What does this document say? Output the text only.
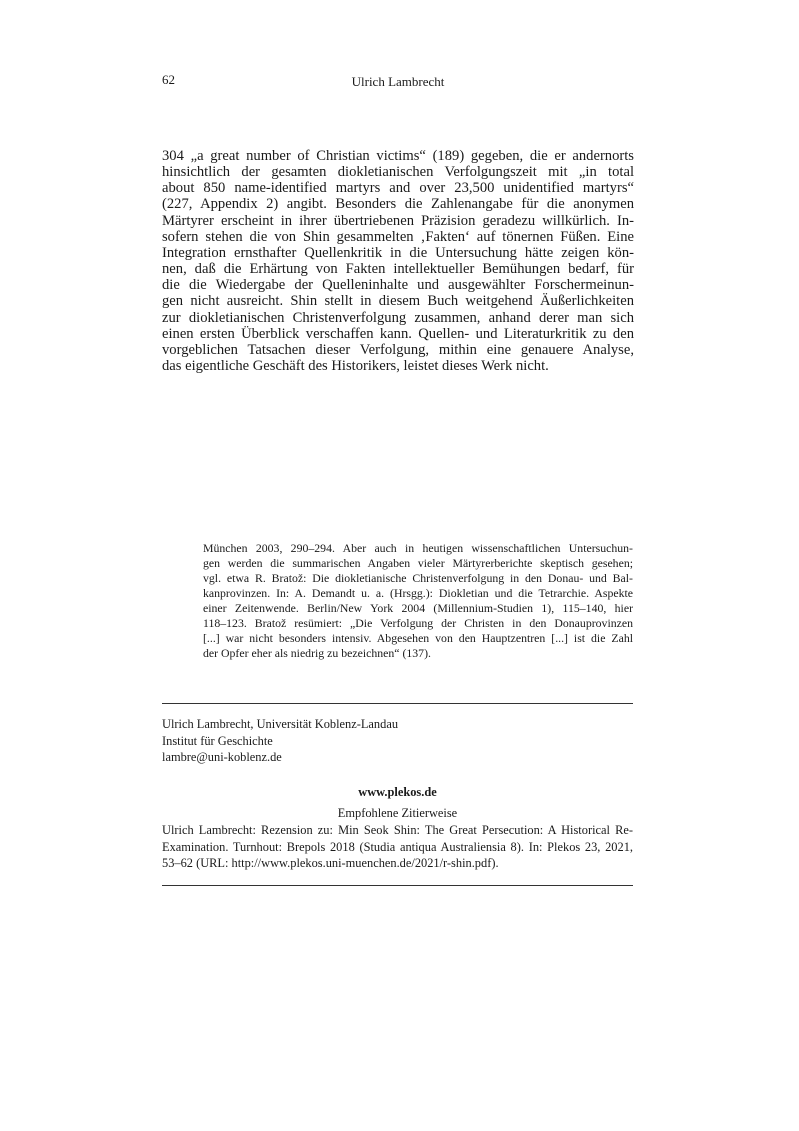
62	Ulrich Lambrecht
304 „a great number of Christian victims“ (189) gegeben, die er andernorts
hinsichtlich der gesamten diokletianischen Verfolgungszeit mit „in total
about 850 name-identified martyrs and over 23,500 unidentified martyrs“
(227, Appendix 2) angibt. Besonders die Zahlenangabe für die anonymen
Märtyrer erscheint in ihrer übertriebenen Präzision geradezu willkürlich. In-
sofern stehen die von Shin gesammelten ‚Fakten‘ auf tönernen Füßen. Eine
Integration ernsthafter Quellenkritik in die Untersuchung hätte zeigen kön-
nen, daß die Erhärtung von Fakten intellektueller Bemühungen bedarf, für
die die Wiedergabe der Quelleninhalte und ausgewählter Forschermeinun-
gen nicht ausreicht. Shin stellt in diesem Buch weitgehend Äußerlichkeiten
zur diokletianischen Christenverfolgung zusammen, anhand derer man sich
einen ersten Überblick verschaffen kann. Quellen- und Literaturkritik zu den
vorgeblichen Tatsachen dieser Verfolgung, mithin eine genauere Analyse,
das eigentliche Geschäft des Historikers, leistet dieses Werk nicht.
München 2003, 290–294. Aber auch in heutigen wissenschaftlichen Untersuchun-
gen werden die summarischen Angaben vieler Märtyrerberichte skeptisch gesehen;
vgl. etwa R. Bratož: Die diokletianische Christenverfolgung in den Donau- und Bal-
kanprovinzen. In: A. Demandt u. a. (Hrsgg.): Diokletian und die Tetrarchie. Aspekte
einer Zeitenwende. Berlin/New York 2004 (Millennium-Studien 1), 115–140, hier
118–123. Bratož resümiert: „Die Verfolgung der Christen in den Donauprovinzen
[...] war nicht besonders intensiv. Abgesehen von den Hauptzentren [...] ist die Zahl
der Opfer eher als niedrig zu bezeichnen“ (137).
Ulrich Lambrecht, Universität Koblenz-Landau
Institut für Geschichte
lambre@uni-koblenz.de
www.plekos.de
Empfohlene Zitierweise
Ulrich Lambrecht: Rezension zu: Min Seok Shin: The Great Persecution: A Historical Re-
Examination. Turnhout: Brepols 2018 (Studia antiqua Australiensia 8). In: Plekos 23, 2021,
53–62 (URL: http://www.plekos.uni-muenchen.de/2021/r-shin.pdf).
